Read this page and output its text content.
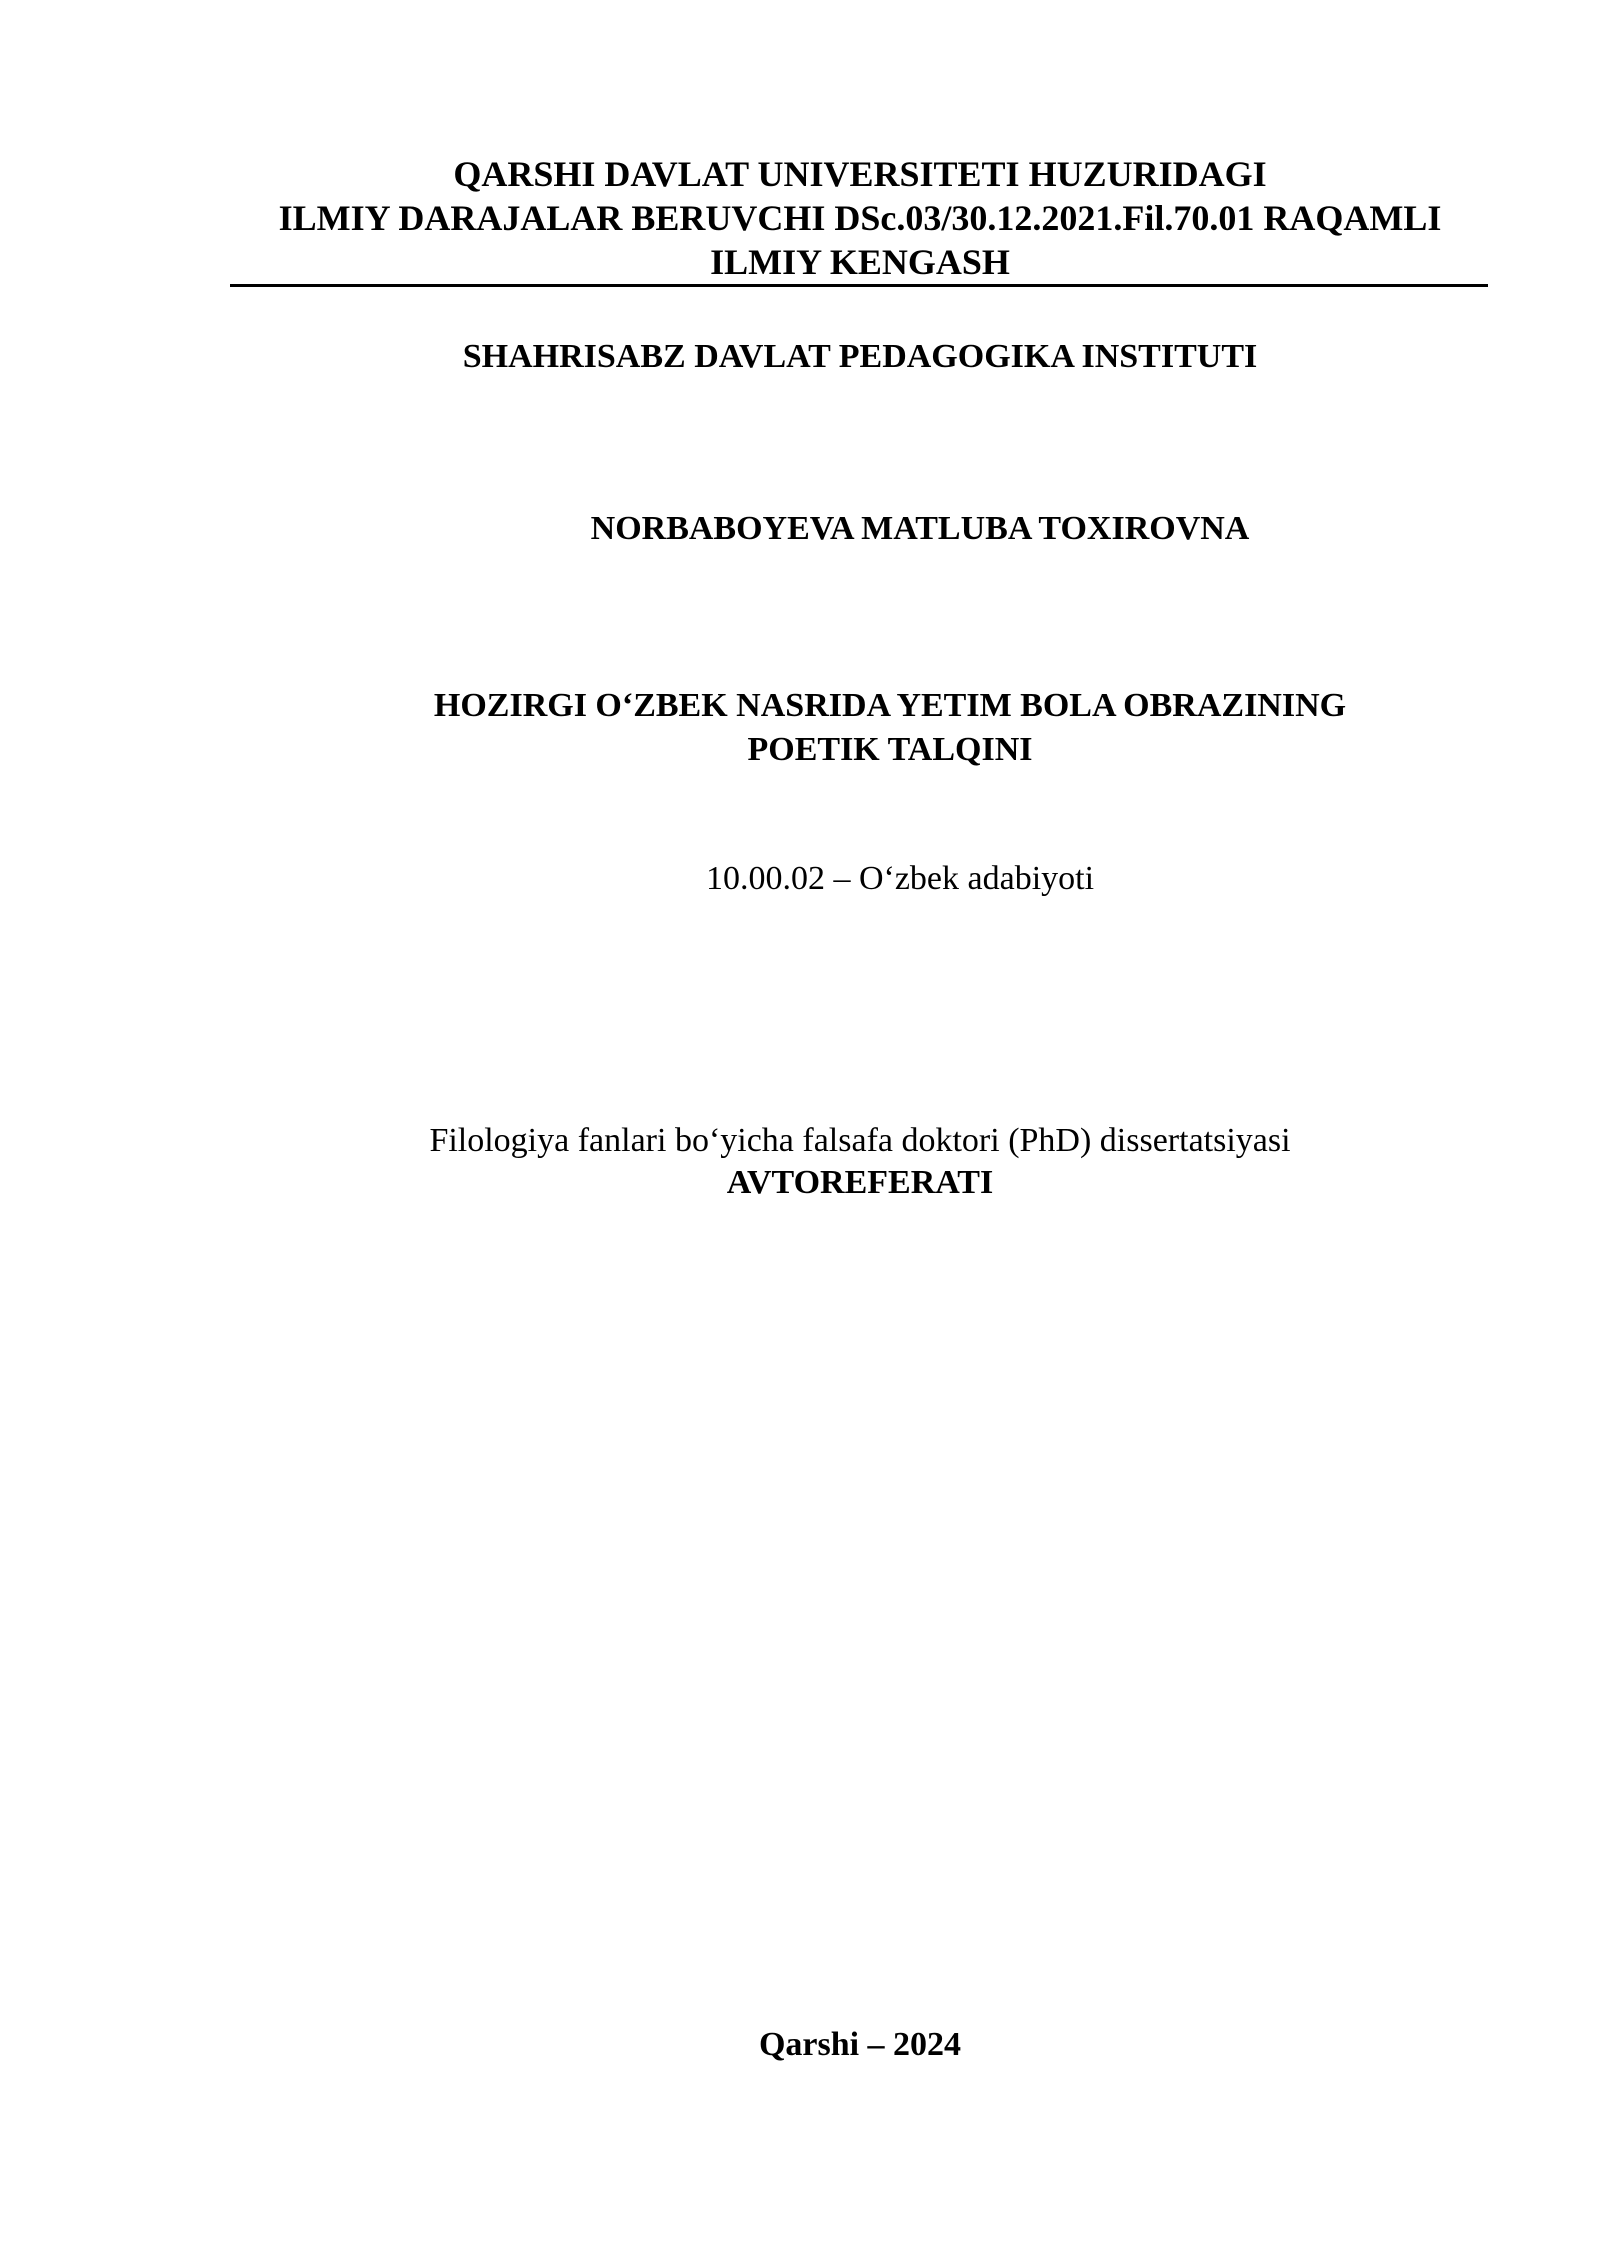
QARSHI DAVLAT UNIVERSITETI HUZURIDAGI
ILMIY DARAJALAR BERUVCHI DSc.03/30.12.2021.Fil.70.01 RAQAMLI
ILMIY KENGASH
SHAHRISABZ DAVLAT PEDAGOGIKA INSTITUTI
NORBABOYEVA MATLUBA TOXIROVNA
HOZIRGI O‘ZBEK NASRIDA YETIM BOLA OBRAZINING
POETIK TALQINI
10.00.02 – O‘zbek adabiyoti
Filologiya fanlari bo‘yicha falsafa doktori (PhD) dissertatsiyasi
AVTOREFERATI
Qarshi – 2024
